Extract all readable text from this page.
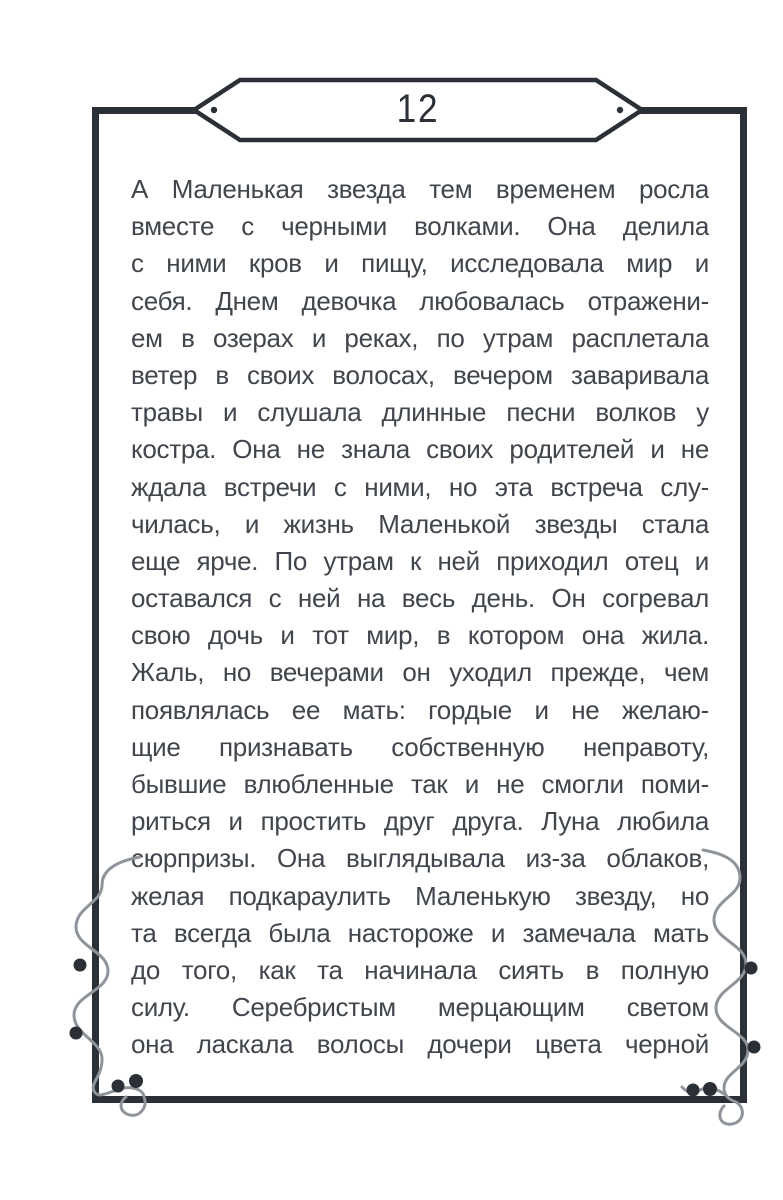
12
А Маленькая звезда тем временем росла
вместе с черными волками. Она делила
с ними кров и пищу, исследовала мир и
себя. Днем девочка любовалась отражени-
ем в озерах и реках, по утрам расплетала
ветер в своих волосах, вечером заваривала
травы и слушала длинные песни волков у
костра. Она не знала своих родителей и не
ждала встречи с ними, но эта встреча слу-
чилась, и жизнь Маленькой звезды стала
еще ярче. По утрам к ней приходил отец и
оставался с ней на весь день. Он согревал
свою дочь и тот мир, в котором она жила.
Жаль, но вечерами он уходил прежде, чем
появлялась ее мать: гордые и не желаю-
щие признавать собственную неправоту,
бывшие влюбленные так и не смогли поми-
риться и простить друг друга. Луна любила
сюрпризы. Она выглядывала из-за облаков,
желая подкараулить Маленькую звезду, но
та всегда была настороже и замечала мать
до того, как та начинала сиять в полную
силу. Серебристым мерцающим светом
она ласкала волосы дочери цвета черной
